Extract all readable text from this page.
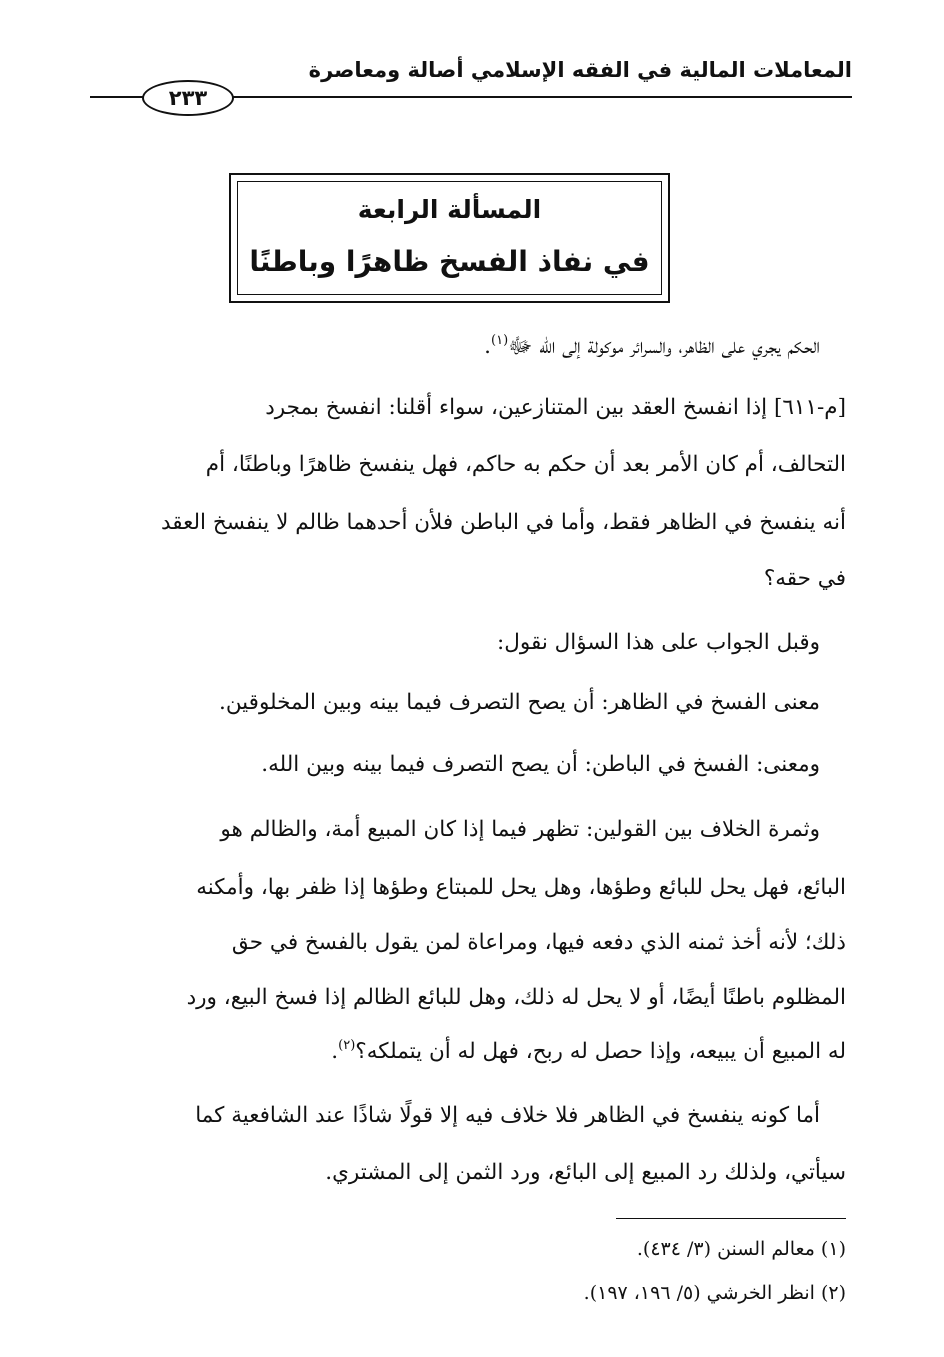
المعاملات المالية في الفقه الإسلامي أصالة ومعاصرة
٢٣٣
المسألة الرابعة
في نفاذ الفسخ ظاهرًا وباطنًا
الحكم يجري على الظاهر، والسرائر موكولة إلى الله ﷻ$^{(١)}$.
[م-٦١١] إذا انفسخ العقد بين المتنازعين، سواء أقلنا: انفسخ بمجرد
التحالف، أم كان الأمر بعد أن حكم به حاكم، فهل ينفسخ ظاهرًا وباطنًا، أم
أنه ينفسخ في الظاهر فقط، وأما في الباطن فلأن أحدهما ظالم لا ينفسخ العقد
في حقه؟
وقبل الجواب على هذا السؤال نقول:
معنى الفسخ في الظاهر: أن يصح التصرف فيما بينه وبين المخلوقين.
ومعنى: الفسخ في الباطن: أن يصح التصرف فيما بينه وبين الله.
وثمرة الخلاف بين القولين: تظهر فيما إذا كان المبيع أمة، والظالم هو
البائع، فهل يحل للبائع وطؤها، وهل يحل للمبتاع وطؤها إذا ظفر بها، وأمكنه
ذلك؛ لأنه أخذ ثمنه الذي دفعه فيها، ومراعاة لمن يقول بالفسخ في حق
المظلوم باطنًا أيضًا، أو لا يحل له ذلك، وهل للبائع الظالم إذا فسخ البيع، ورد
له المبيع أن يبيعه، وإذا حصل له ربح، فهل له أن يتملكه؟$^{(٢)}$.
أما كونه ينفسخ في الظاهر فلا خلاف فيه إلا قولًا شاذًا عند الشافعية كما
سيأتي، ولذلك رد المبيع إلى البائع، ورد الثمن إلى المشتري.
(١) معالم السنن (٣/ ٤٣٤).
(٢) انظر الخرشي (٥/ ١٩٦، ١٩٧).
